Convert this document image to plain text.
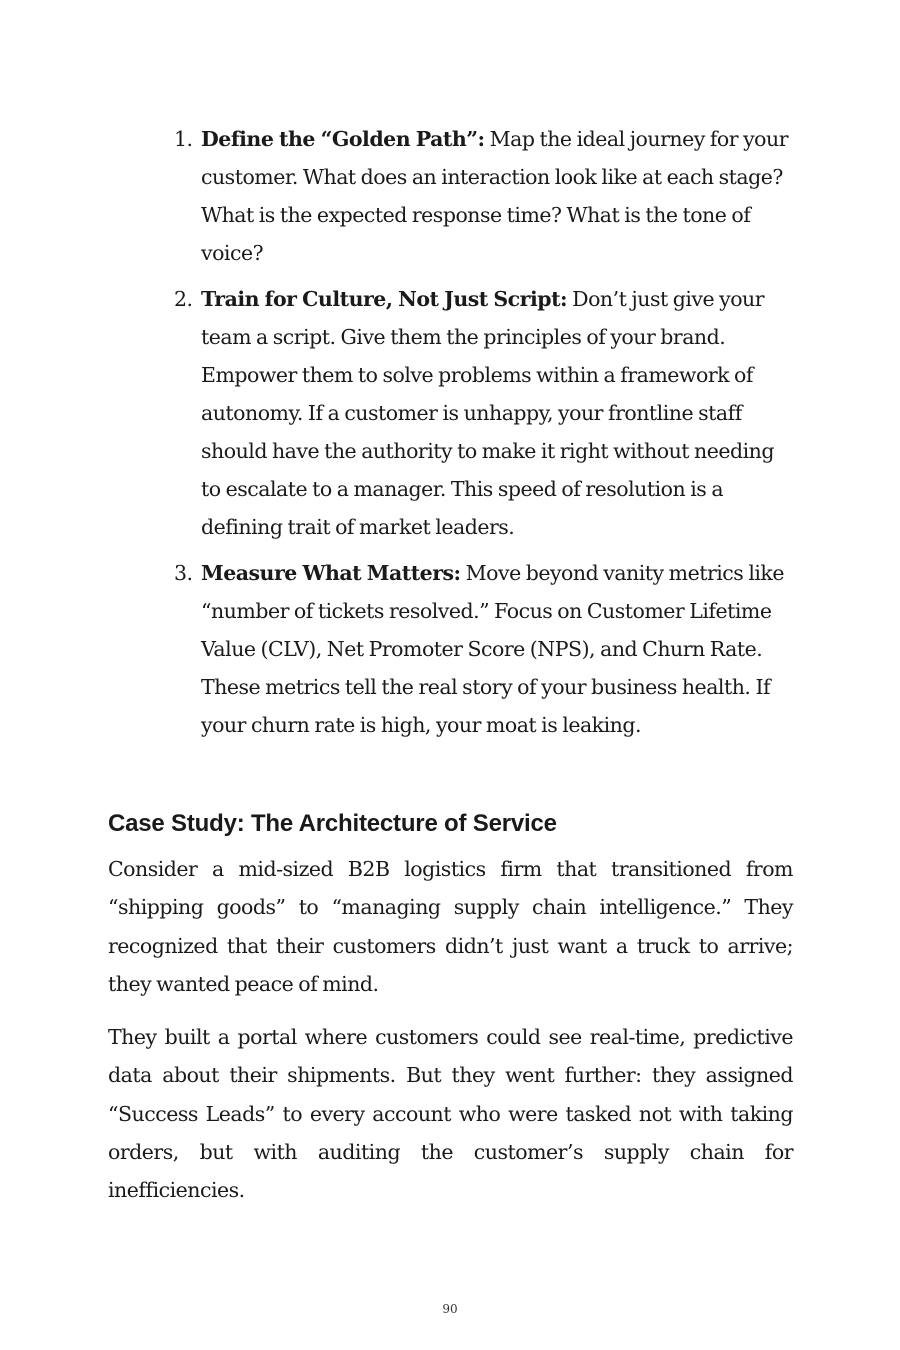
1. Define the “Golden Path”: Map the ideal journey for your customer. What does an interaction look like at each stage? What is the expected response time? What is the tone of voice?
2. Train for Culture, Not Just Script: Don’t just give your team a script. Give them the principles of your brand. Empower them to solve problems within a framework of autonomy. If a customer is unhappy, your frontline staff should have the authority to make it right without needing to escalate to a manager. This speed of resolution is a defining trait of market leaders.
3. Measure What Matters: Move beyond vanity metrics like “number of tickets resolved.” Focus on Customer Lifetime Value (CLV), Net Promoter Score (NPS), and Churn Rate. These metrics tell the real story of your business health. If your churn rate is high, your moat is leaking.
Case Study: The Architecture of Service

Consider a mid-sized B2B logistics firm that transitioned from “shipping goods” to “managing supply chain intelligence.” They recognized that their customers didn’t just want a truck to arrive; they wanted peace of mind.

They built a portal where customers could see real-time, predictive data about their shipments. But they went further: they assigned “Success Leads” to every account who were tasked not with taking orders, but with auditing the customer’s supply chain for inefficiencies.

90
